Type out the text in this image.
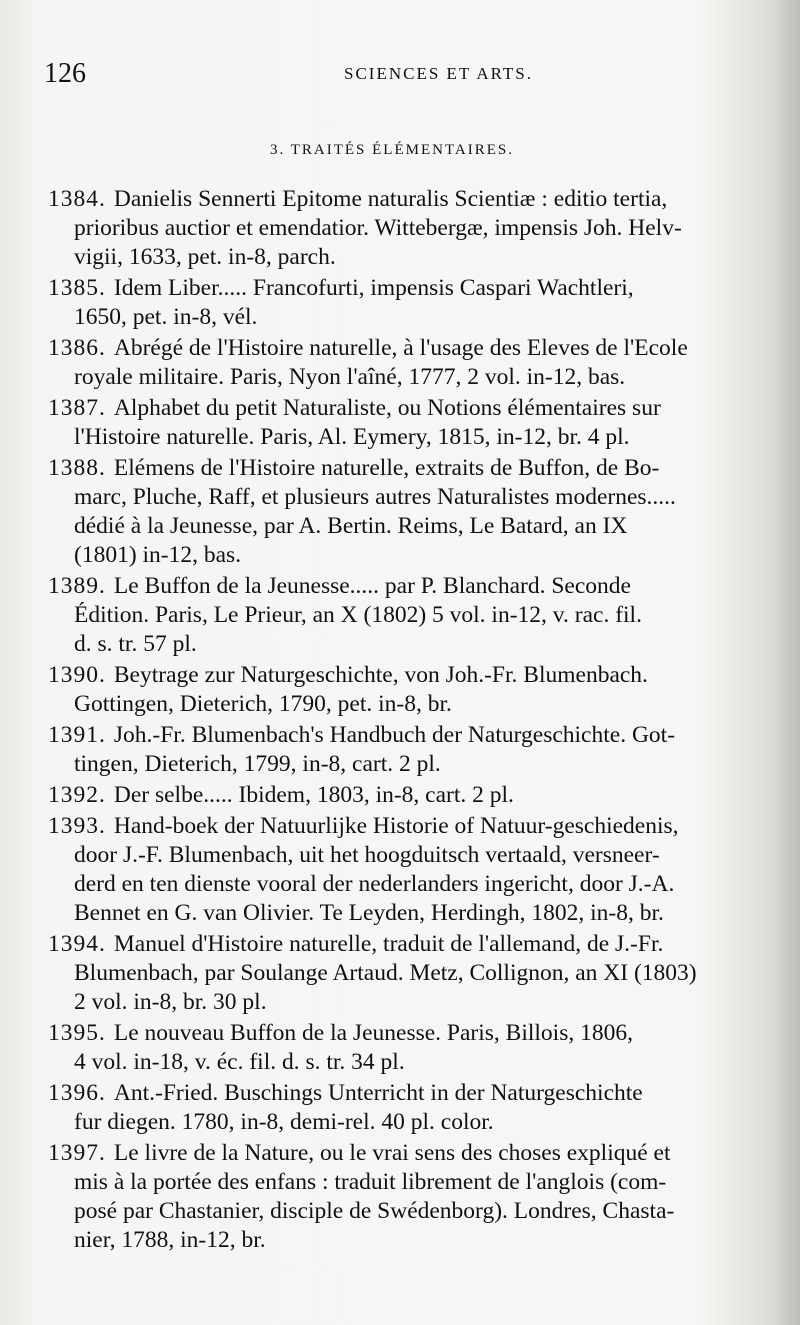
126	SCIENCES ET ARTS.
3. TRAITÉS ÉLÉMENTAIRES.
1384. Danielis Sennerti Epitome naturalis Scientiæ : editio tertia,
prioribus auctior et emendatior. Wittebergæ, impensis Joh. Helv-
vigii, 1633, pet. in-8, parch.
1385. Idem Liber..... Francofurti, impensis Caspari Wachtleri,
1650, pet. in-8, vél.
1386. Abrégé de l'Histoire naturelle, à l'usage des Eleves de l'Ecole
royale militaire. Paris, Nyon l'aîné, 1777, 2 vol. in-12, bas.
1387. Alphabet du petit Naturaliste, ou Notions élémentaires sur
l'Histoire naturelle. Paris, Al. Eymery, 1815, in-12, br. 4 pl.
1388. Elémens de l'Histoire naturelle, extraits de Buffon, de Bo-
marc, Pluche, Raff, et plusieurs autres Naturalistes modernes.....
dédié à la Jeunesse, par A. Bertin. Reims, Le Batard, an IX
(1801) in-12, bas.
1389. Le Buffon de la Jeunesse..... par P. Blanchard. Seconde
Édition. Paris, Le Prieur, an X (1802) 5 vol. in-12, v. rac. fil.
d. s. tr. 57 pl.
1390. Beytrage zur Naturgeschichte, von Joh.-Fr. Blumenbach.
Gottingen, Dieterich, 1790, pet. in-8, br.
1391. Joh.-Fr. Blumenbach's Handbuch der Naturgeschichte. Got-
tingen, Dieterich, 1799, in-8, cart. 2 pl.
1392. Der selbe..... Ibidem, 1803, in-8, cart. 2 pl.
1393. Hand-boek der Natuurlijke Historie of Natuur-geschiedenis,
door J.-F. Blumenbach, uit het hoogduitsch vertaald, versneer-
derd en ten dienste vooral der nederlanders ingericht, door J.-A.
Bennet en G. van Olivier. Te Leyden, Herdingh, 1802, in-8, br.
1394. Manuel d'Histoire naturelle, traduit de l'allemand, de J.-Fr.
Blumenbach, par Soulange Artaud. Metz, Collignon, an XI (1803)
2 vol. in-8, br. 30 pl.
1395. Le nouveau Buffon de la Jeunesse. Paris, Billois, 1806,
4 vol. in-18, v. éc. fil. d. s. tr. 34 pl.
1396. Ant.-Fried. Buschings Unterricht in der Naturgeschichte
fur diegen. 1780, in-8, demi-rel. 40 pl. color.
1397. Le livre de la Nature, ou le vrai sens des choses expliqué et
mis à la portée des enfans : traduit librement de l'anglois (com-
posé par Chastanier, disciple de Swédenborg). Londres, Chasta-
nier, 1788, in-12, br.
